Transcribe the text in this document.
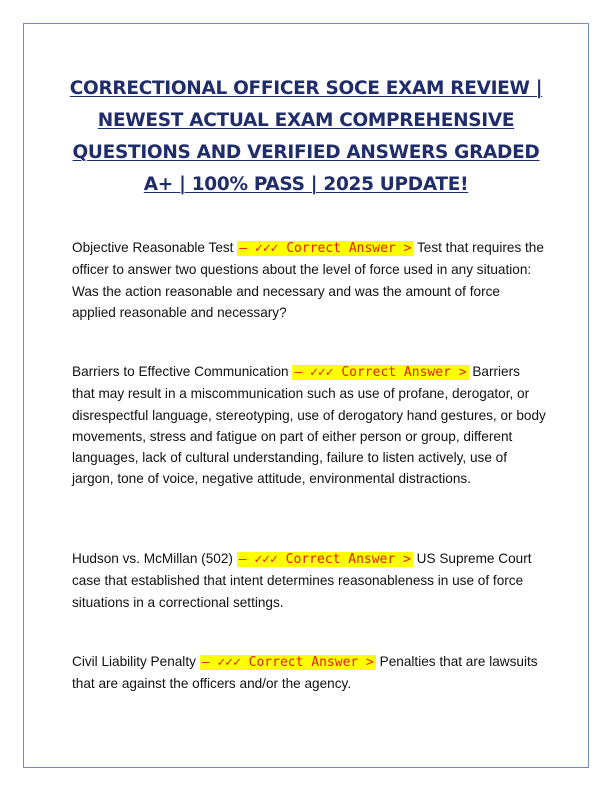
CORRECTIONAL OFFICER SOCE EXAM REVIEW | NEWEST ACTUAL EXAM COMPREHENSIVE QUESTIONS AND VERIFIED ANSWERS GRADED A+ | 100% PASS | 2025 UPDATE!

Objective Reasonable Test – ✓✓✓ Correct Answer > Test that requires the officer to answer two questions about the level of force used in any situation: Was the action reasonable and necessary and was the amount of force applied reasonable and necessary?

Barriers to Effective Communication – ✓✓✓ Correct Answer > Barriers that may result in a miscommunication such as use of profane, derogator, or disrespectful language, stereotyping, use of derogatory hand gestures, or body movements, stress and fatigue on part of either person or group, different languages, lack of cultural understanding, failure to listen actively, use of jargon, tone of voice, negative attitude, environmental distractions.

Hudson vs. McMillan (502) – ✓✓✓ Correct Answer > US Supreme Court case that established that intent determines reasonableness in use of force situations in a correctional settings.

Civil Liability Penalty – ✓✓✓ Correct Answer > Penalties that are lawsuits that are against the officers and/or the agency.
